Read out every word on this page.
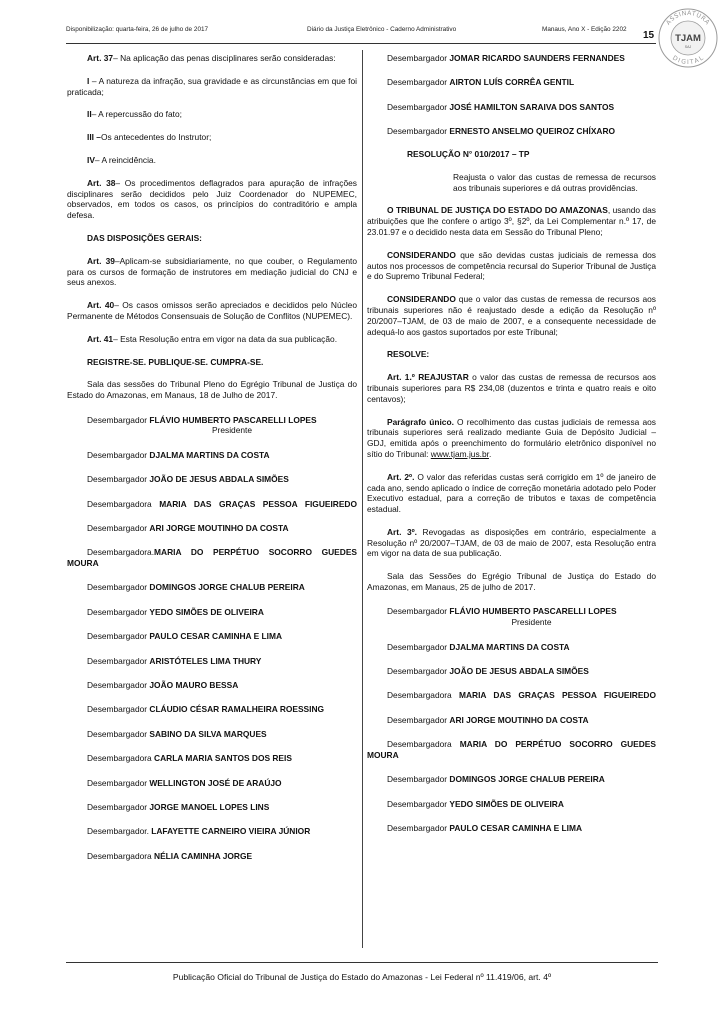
Disponibilização: quarta-feira, 26 de julho de 2017	Diário da Justiça Eletrônico - Caderno Administrativo	Manaus, Ano X - Edição 2202
15
ASSINATURA
DIGITAL
TJAM
SAJ

Art. 37– Na aplicação das penas disciplinares serão consideradas:

I – A natureza da infração, sua gravidade e as circunstâncias em que foi praticada;

II– A repercussão do fato;

III –Os antecedentes do Instrutor;

IV– A reincidência.

Art. 38– Os procedimentos deflagrados para apuração de infrações disciplinares serão decididos pelo Juiz Coordenador do NUPEMEC, observados, em todos os casos, os princípios do contraditório e ampla defesa.

DAS DISPOSIÇÕES GERAIS:

Art. 39–Aplicam-se subsidiariamente, no que couber, o Regulamento para os cursos de formação de instrutores em mediação judicial do CNJ e seus anexos.

Art. 40– Os casos omissos serão apreciados e decididos pelo Núcleo Permanente de Métodos Consensuais de Solução de Conflitos (NUPEMEC).

Art. 41– Esta Resolução entra em vigor na data da sua publicação.

REGISTRE-SE. PUBLIQUE-SE. CUMPRA-SE.

Sala das sessões do Tribunal Pleno do Egrégio Tribunal de Justiça do Estado do Amazonas, em Manaus, 18 de Julho de 2017.

Desembargador FLÁVIO HUMBERTO PASCARELLI LOPES

Presidente

Desembargador DJALMA MARTINS DA COSTA

Desembargador JOÃO DE JESUS ABDALA SIMÕES

Desembargadora MARIA DAS GRAÇAS PESSOA FIGUEIREDO

Desembargador ARI JORGE MOUTINHO DA COSTA

Desembargadora.MARIA DO PERPÉTUO SOCORRO GUEDES MOURA

Desembargador DOMINGOS JORGE CHALUB PEREIRA

Desembargador YEDO SIMÕES DE OLIVEIRA

Desembargador PAULO CESAR CAMINHA E LIMA

Desembargador ARISTÓTELES LIMA THURY

Desembargador JOÃO MAURO BESSA

Desembargador CLÁUDIO CÉSAR RAMALHEIRA ROESSING

Desembargador SABINO DA SILVA MARQUES

Desembargadora CARLA MARIA SANTOS DOS REIS

Desembargador WELLINGTON JOSÉ DE ARAÚJO

Desembargador JORGE MANOEL LOPES LINS

Desembargador. LAFAYETTE CARNEIRO VIEIRA JÚNIOR

Desembargadora NÉLIA CAMINHA JORGE

Desembargador JOMAR RICARDO SAUNDERS FERNANDES

Desembargador AIRTON LUÍS CORRÊA GENTIL

Desembargador JOSÉ HAMILTON SARAIVA DOS SANTOS

Desembargador ERNESTO ANSELMO QUEIROZ CHÍXARO

RESOLUÇÃO N° 010/2017 – TP

Reajusta o valor das custas de remessa de recursos aos tribunais superiores e dá outras providências.

O TRIBUNAL DE JUSTIÇA DO ESTADO DO AMAZONAS, usando das atribuições que lhe confere o artigo 3º, §2º, da Lei Complementar n.º 17, de 23.01.97 e o decidido nesta data em Sessão do Tribunal Pleno;

CONSIDERANDO que são devidas custas judiciais de remessa dos autos nos processos de competência recursal do Superior Tribunal de Justiça e do Supremo Tribunal Federal;

CONSIDERANDO que o valor das custas de remessa de recursos aos tribunais superiores não é reajustado desde a edição da Resolução nº 20/2007–TJAM, de 03 de maio de 2007, e a consequente necessidade de adequá-lo aos gastos suportados por este Tribunal;

RESOLVE:

Art. 1.º REAJUSTAR o valor das custas de remessa de recursos aos tribunais superiores para R$ 234,08 (duzentos e trinta e quatro reais e oito centavos);

Parágrafo único. O recolhimento das custas judiciais de remessa aos tribunais superiores será realizado mediante Guia de Depósito Judicial – GDJ, emitida após o preenchimento do formulário eletrônico disponível no sítio do Tribunal: www.tjam.jus.br.

Art. 2º. O valor das referidas custas será corrigido em 1º de janeiro de cada ano, sendo aplicado o índice de correção monetária adotado pelo Poder Executivo estadual, para a correção de tributos e taxas de competência estadual.

Art. 3º. Revogadas as disposições em contrário, especialmente a Resolução nº 20/2007–TJAM, de 03 de maio de 2007, esta Resolução entra em vigor na data de sua publicação.

Sala das Sessões do Egrégio Tribunal de Justiça do Estado do Amazonas, em Manaus, 25 de julho de 2017.

Desembargador FLÁVIO HUMBERTO PASCARELLI LOPES

Presidente

Desembargador DJALMA MARTINS DA COSTA

Desembargador JOÃO DE JESUS ABDALA SIMÕES

Desembargadora MARIA DAS GRAÇAS PESSOA FIGUEIREDO

Desembargador ARI JORGE MOUTINHO DA COSTA

Desembargadora MARIA DO PERPÉTUO SOCORRO GUEDES MOURA

Desembargador DOMINGOS JORGE CHALUB PEREIRA

Desembargador YEDO SIMÕES DE OLIVEIRA

Desembargador PAULO CESAR CAMINHA E LIMA

Publicação Oficial do Tribunal de Justiça do Estado do Amazonas - Lei Federal nº 11.419/06, art. 4º
